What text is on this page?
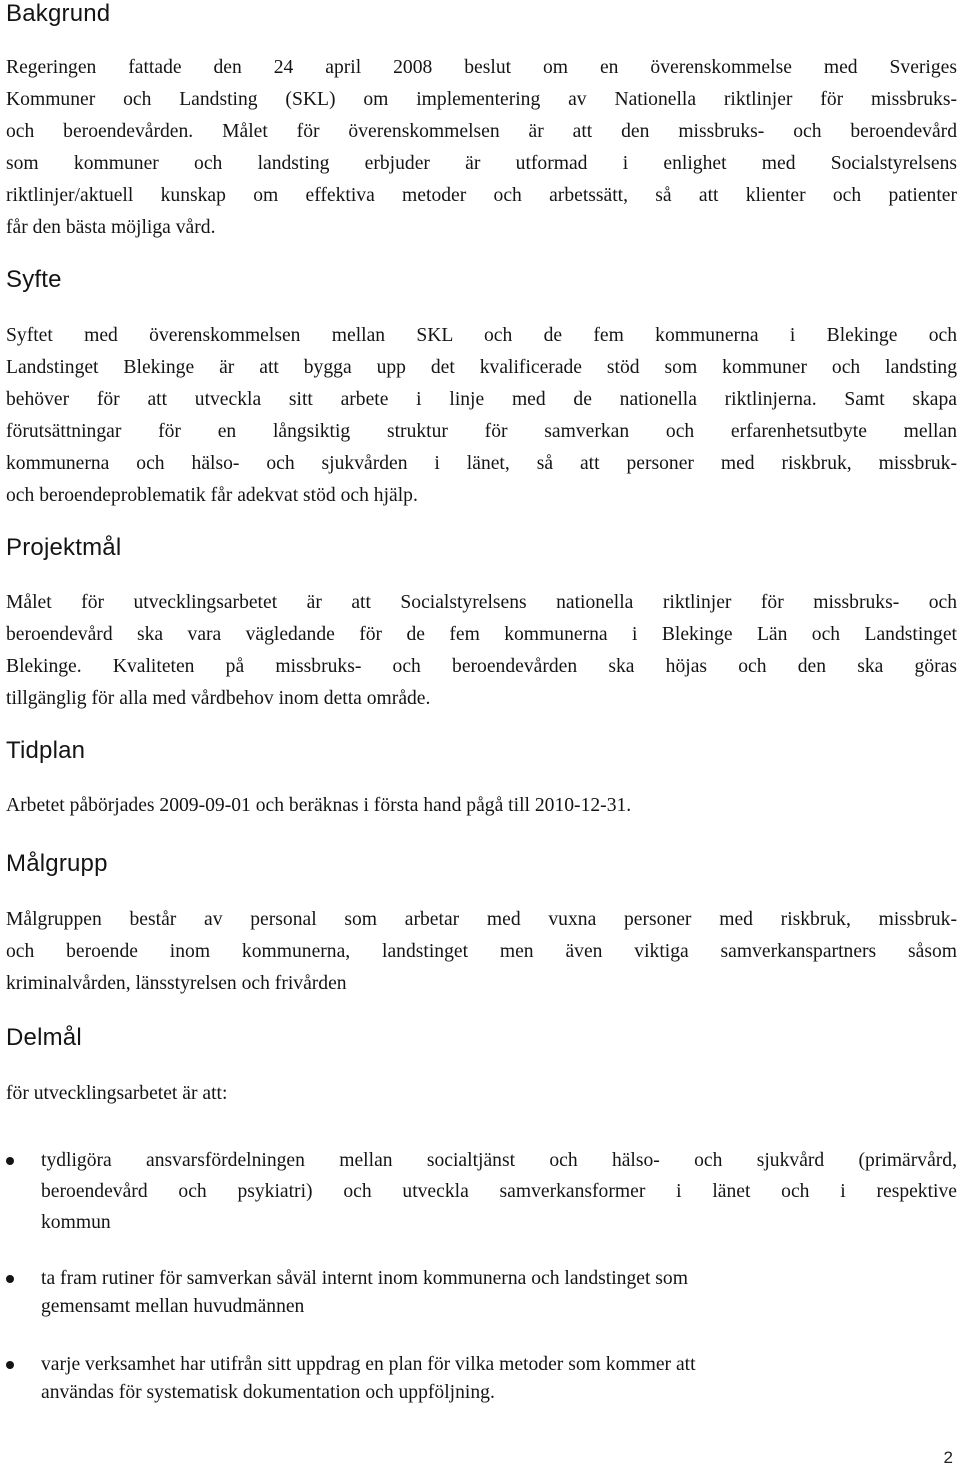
Bakgrund
Regeringen fattade den 24 april 2008 beslut om en överenskommelse med Sveriges
Kommuner och Landsting (SKL) om implementering av Nationella riktlinjer för missbruks-
och beroendevården. Målet för överenskommelsen är att den missbruks- och beroendevård
som kommuner och landsting erbjuder är utformad i enlighet med Socialstyrelsens
riktlinjer/aktuell kunskap om effektiva metoder och arbetssätt, så att klienter och patienter
får den bästa möjliga vård.
Syfte
Syftet med överenskommelsen mellan SKL och de fem kommunerna i Blekinge och
Landstinget Blekinge är att bygga upp det kvalificerade stöd som kommuner och landsting
behöver för att utveckla sitt arbete i linje med de nationella riktlinjerna. Samt skapa
förutsättningar för en långsiktig struktur för samverkan och erfarenhetsutbyte mellan
kommunerna och hälso- och sjukvården i länet, så att personer med riskbruk, missbruk-
och beroendeproblematik får adekvat stöd och hjälp.
Projektmål
Målet för utvecklingsarbetet är att Socialstyrelsens nationella riktlinjer för missbruks- och
beroendevård ska vara vägledande för de fem kommunerna i Blekinge Län och Landstinget
Blekinge. Kvaliteten på missbruks- och beroendevården ska höjas och den ska göras
tillgänglig för alla med vårdbehov inom detta område.
Tidplan
Arbetet påbörjades 2009-09-01 och beräknas i första hand pågå till 2010-12-31.
Målgrupp
Målgruppen består av personal som arbetar med vuxna personer med riskbruk, missbruk-
och beroende inom kommunerna, landstinget men även viktiga samverkanspartners såsom
kriminalvården, länsstyrelsen och frivården
Delmål
för utvecklingsarbetet är att:
tydligöra ansvarsfördelningen mellan socialtjänst och hälso- och sjukvård (primärvård,
beroendevård och psykiatri) och utveckla samverkansformer i länet och i respektive
kommun
ta fram rutiner för samverkan såväl internt inom kommunerna och landstinget som
gemensamt mellan huvudmännen
varje verksamhet har utifrån sitt uppdrag en plan för vilka metoder som kommer att
användas för systematisk dokumentation och uppföljning.
2
